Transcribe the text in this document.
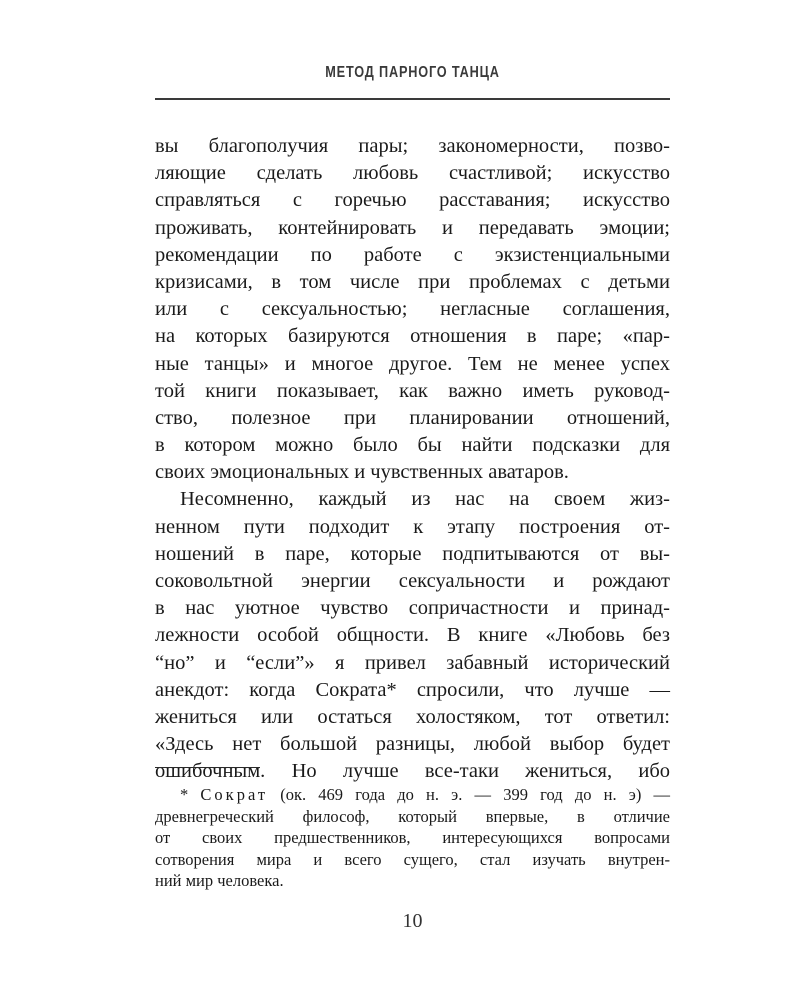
МЕТОД ПАРНОГО ТАНЦА
вы благополучия пары; закономерности, позво-
ляющие сделать любовь счастливой; искусство
справляться с горечью расставания; искусство
проживать, контейнировать и передавать эмоции;
рекомендации по работе с экзистенциальными
кризисами, в том числе при проблемах с детьми
или с сексуальностью; негласные соглашения,
на которых базируются отношения в паре; «пар-
ные танцы» и многое другое. Тем не менее успех
той книги показывает, как важно иметь руковод-
ство, полезное при планировании отношений,
в котором можно было бы найти подсказки для
своих эмоциональных и чувственных аватаров.
Несомненно, каждый из нас на своем жиз-
ненном пути подходит к этапу построения от-
ношений в паре, которые подпитываются от вы-
соковольтной энергии сексуальности и рождают
в нас уютное чувство сопричастности и принад-
лежности особой общности. В книге «Любовь без
“но” и “если”» я привел забавный исторический
анекдот: когда Сократа* спросили, что лучше —
жениться или остаться холостяком, тот ответил:
«Здесь нет большой разницы, любой выбор будет
ошибочным. Но лучше все-таки жениться, ибо
* Сократ (ок. 469 года до н. э. — 399 год до н. э) —
древнегреческий философ, который впервые, в отличие
от своих предшественников, интересующихся вопросами
сотворения мира и всего сущего, стал изучать внутрен-
ний мир человека.
10
